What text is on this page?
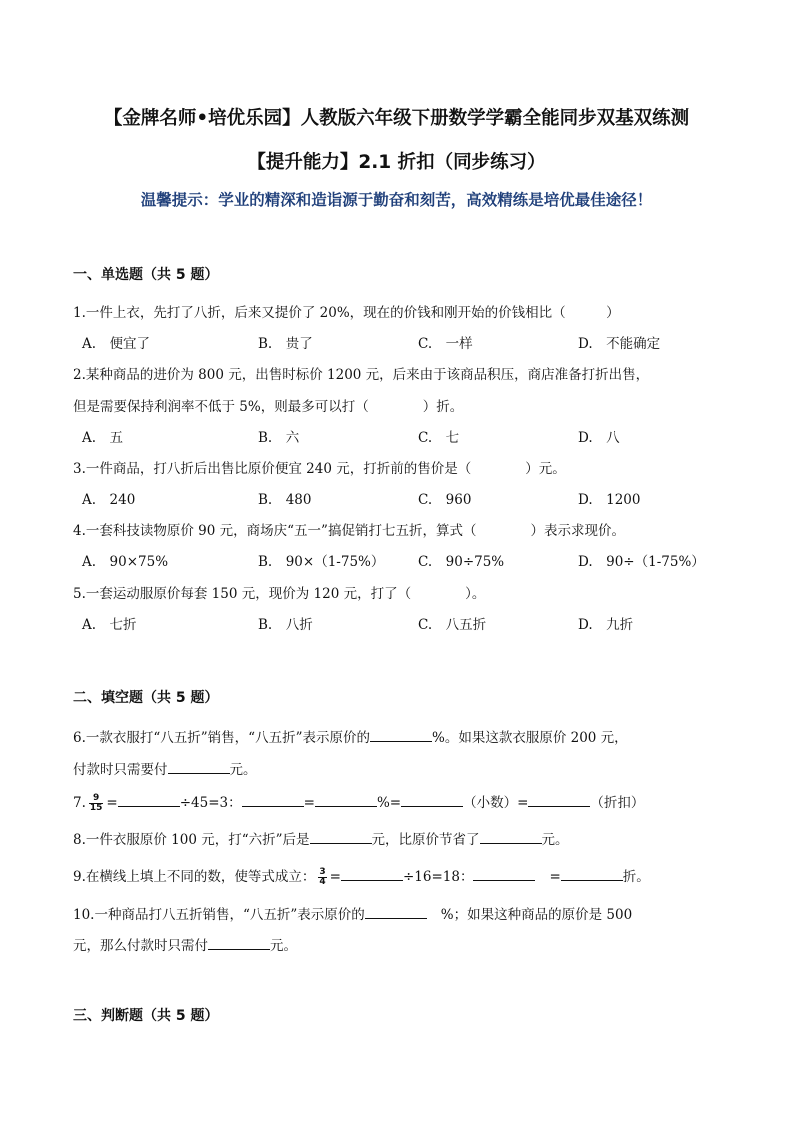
【金牌名师•培优乐园】人教版六年级下册数学学霸全能同步双基双练测
【提升能力】2.1 折扣（同步练习）
温馨提示：学业的精深和造诣源于勤奋和刻苦，高效精练是培优最佳途径！
一、单选题（共 5 题）
1.一件上衣，先打了八折，后来又提价了 20%，现在的价钱和刚开始的价钱相比（　　　）
A.　便宜了	B.　贵了	C.　一样	D.　不能确定
2.某种商品的进价为 800 元，出售时标价 1200 元，后来由于该商品积压，商店准备打折出售，
但是需要保持利润率不低于 5%，则最多可以打（　　　　）折。
A.　五	B.　六	C.　七	D.　八
3.一件商品，打八折后出售比原价便宜 240 元，打折前的售价是（　　　　）元。
A.　240	B.　480	C.　960	D.　1200
4.一套科技读物原价 90 元，商场庆“五一”搞促销打七五折，算式（　　　　）表示求现价。
A.　90×75%	B.　90×（1-75%） C.　90÷75%	D.　90÷（1-75%）
5.一套运动服原价每套 150 元，现价为 120 元，打了（　　　　）。
A.　七折	B.　八折	C.　八五折	D.　九折
二、填空题（共 5 题）
6.一款衣服打“八五折”销售，“八五折”表示原价的	%。如果这款衣服原价 200 元，
付款时只需要付	元。
7. $\frac{9}{15}$ =	÷45=3：	=	%=	（小数）=	（折扣）
8.一件衣服原价 100 元，打“六折”后是	元，比原价节省了	元。
9.在横线上填上不同的数，使等式成立： $\frac{3}{4}$ =	÷16=18：	=	折。
10.一种商品打八五折销售，“八五折”表示原价的	%；如果这种商品的原价是 500
元，那么付款时只需付	元。
三、判断题（共 5 题）
